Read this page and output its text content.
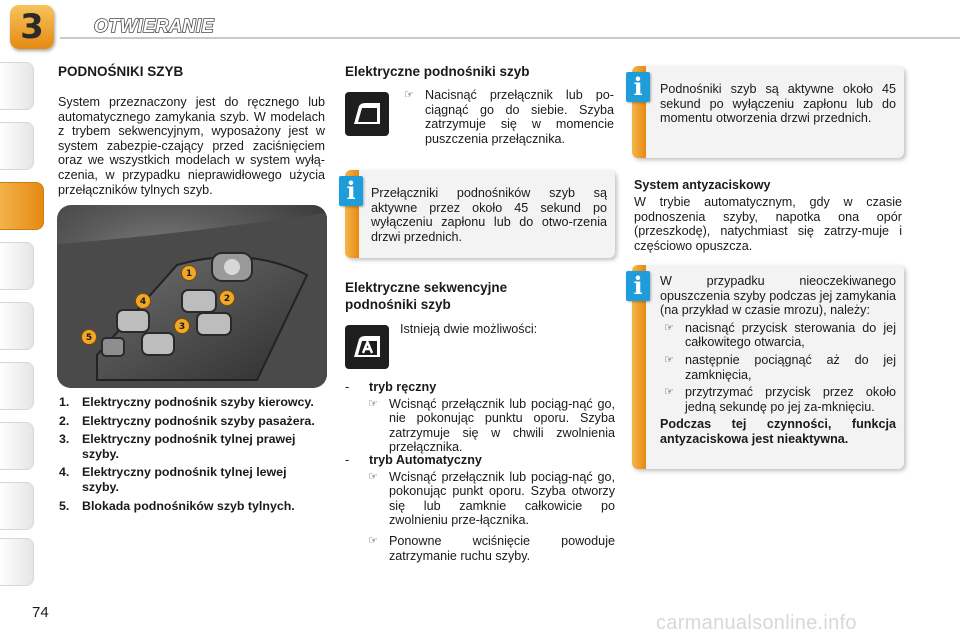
3	OTWIERANIE
PODNOŚNIKI SZYB
System przeznaczony jest do ręcznego lub automatycznego zamykania szyb. W modelach z trybem sekwencyjnym, wyposażony jest w system zabezpie-czający przed zaciśnięciem oraz we wszystkich modelach w system wyłą-czenia, w przypadku nieprawidłowego użycia przełączników tylnych szyb.
1
2
3
4
5
1. Elektryczny podnośnik szyby kierowcy.
2. Elektryczny podnośnik szyby pasażera.
3. Elektryczny podnośnik tylnej prawej szyby.
4. Elektryczny podnośnik tylnej lewej szyby.
5. Blokada podnośników szyb tylnych.
Elektryczne podnośniki szyb
☞ Nacisnąć przełącznik lub po-ciągnąć go do siebie. Szyba zatrzymuje się w momencie puszczenia przełącznika.
i	Przełączniki podnośników szyb są aktywne przez około 45 sekund po wyłączeniu zapłonu lub do otwo-rzenia drzwi przednich.
Elektryczne sekwencyjne
podnośniki szyb
Istnieją dwie możliwości:
- tryb ręczny
☞ Wcisnąć przełącznik lub pociąg-nąć go, nie pokonując punktu oporu. Szyba zatrzymuje się w chwili zwolnienia przełącznika.
- tryb Automatyczny
☞ Wcisnąć przełącznik lub pociąg-nąć go, pokonując punkt oporu. Szyba otworzy się lub zamknie całkowicie po zwolnieniu prze-łącznika.
☞ Ponowne wciśnięcie powoduje zatrzymanie ruchu szyby.
i	Podnośniki szyb są aktywne około 45 sekund po wyłączeniu zapłonu lub do momentu otworzenia drzwi przednich.
System antyzaciskowy
W trybie automatycznym, gdy w czasie podnoszenia szyby, napotka ona opór (przeszkodę), natychmiast się zatrzy-muje i częściowo opuszcza.
i	W przypadku nieoczekiwanego opuszczenia szyby podczas jej zamykania (na przykład w czasie mrozu), należy:
☞ nacisnąć przycisk sterowania do jej całkowitego otwarcia,
☞ następnie pociągnąć aż do jej zamknięcia,
☞ przytrzymać przycisk przez około jedną sekundę po jej za-mknięciu.
Podczas tej czynności, funkcja antyzaciskowa jest nieaktywna.
74	carmanualsonline.info
